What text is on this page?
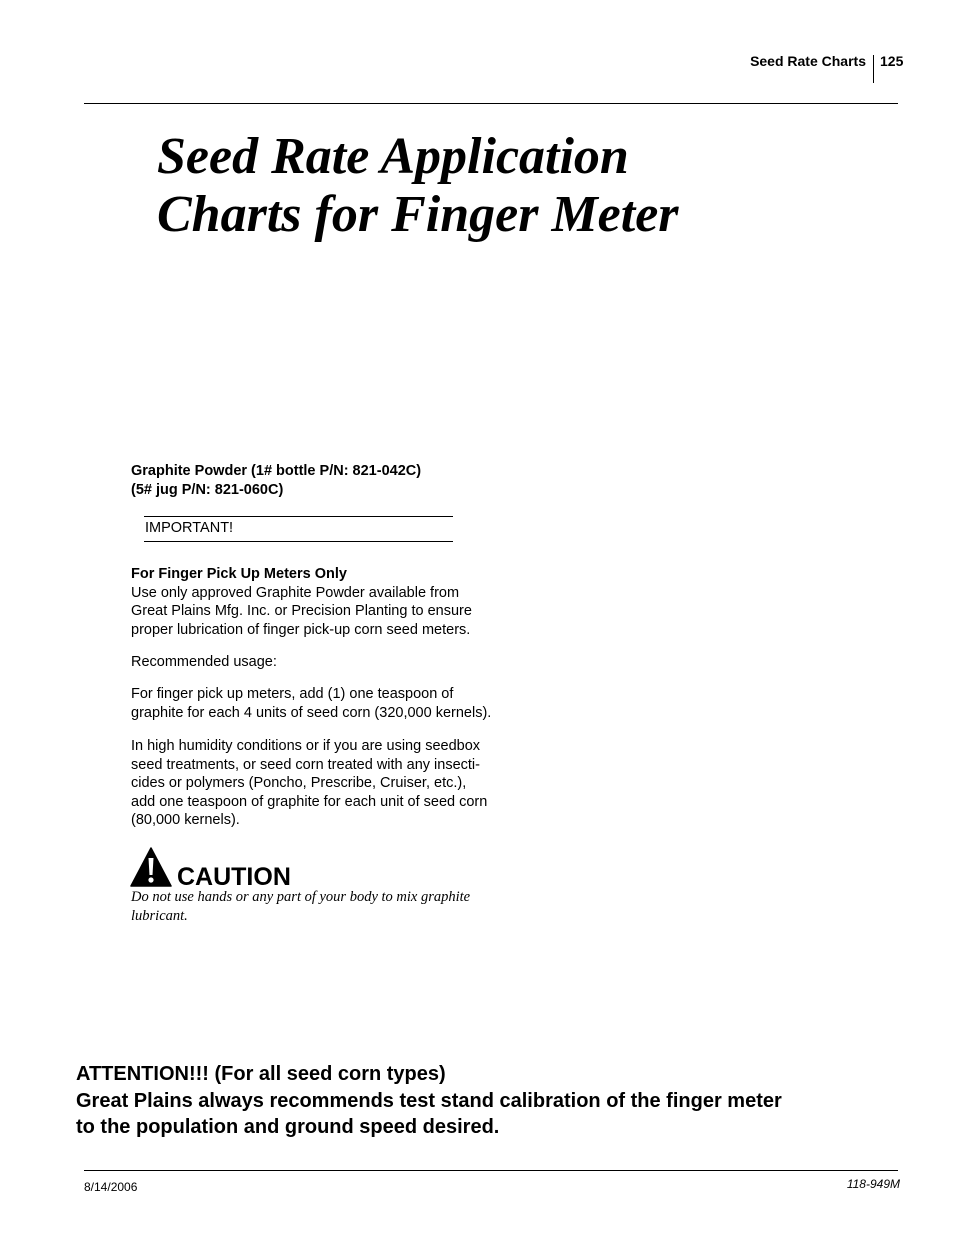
Seed Rate Charts 125
Seed Rate Application
Charts for Finger Meter
Graphite Powder (1# bottle P/N: 821-042C)
(5# jug P/N: 821-060C)
IMPORTANT!
For Finger Pick Up Meters Only
Use only approved Graphite Powder available from
Great Plains Mfg. Inc. or Precision Planting to ensure
proper lubrication of finger pick-up corn seed meters.
Recommended usage:
For finger pick up meters, add (1) one teaspoon of
graphite for each 4 units of seed corn (320,000 kernels).
In high humidity conditions or if you are using seedbox
seed treatments, or seed corn treated with any insecti-
cides or polymers (Poncho, Prescribe, Cruiser, etc.),
add one teaspoon of graphite for each unit of seed corn
(80,000 kernels).
CAUTION
Do not use hands or any part of your body to mix graphite
lubricant.
ATTENTION!!! (For all seed corn types)
Great Plains always recommends test stand calibration of the finger meter
to the population and ground speed desired.
8/14/2006	118-949M
